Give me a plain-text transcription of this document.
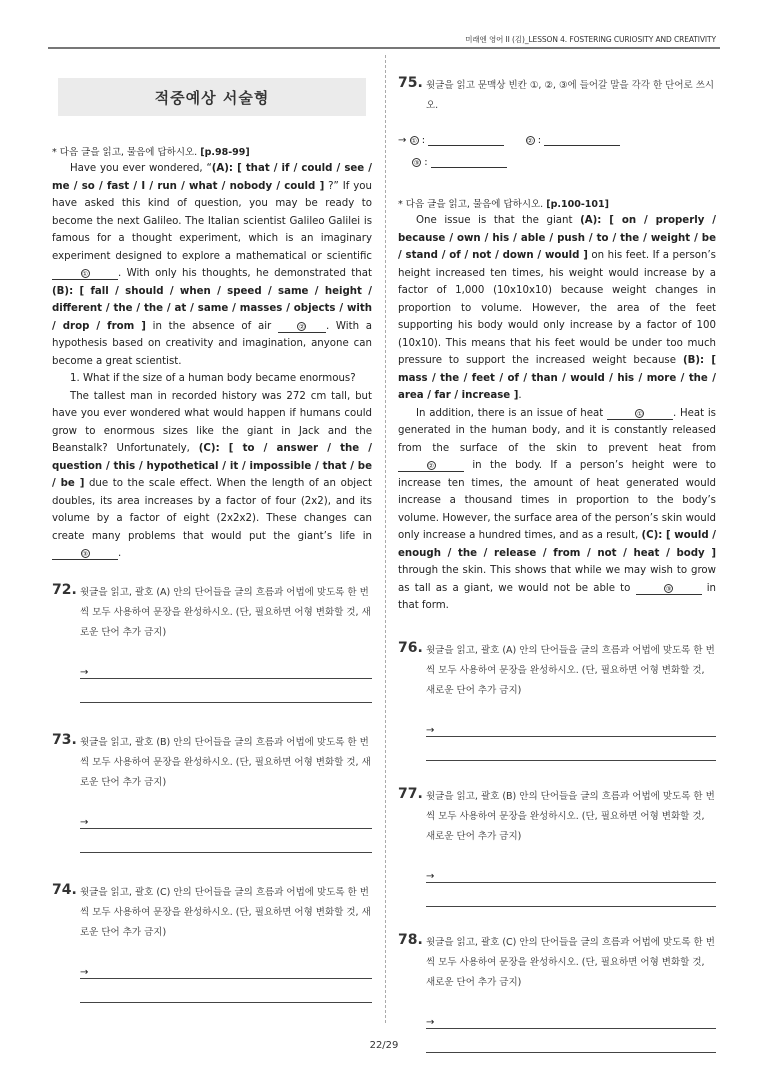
미래엔 영어 II (김)_LESSON 4. FOSTERING CURIOSITY AND CREATIVITY
적중예상 서술형
* 다음 글을 읽고, 물음에 답하시오. [p.98-99]
Have you ever wondered, “(A): [ that / if / could / see / me / so / fast / I / run / what / nobody / could ] ?” If you have asked this kind of question, you may be ready to become the next Galileo. The Italian scientist Galileo Galilei is famous for a thought experiment, which is an imaginary experiment designed to explore a mathematical or scientific ①	. With only his thoughts, he demonstrated that (B): [ fall / should / when / speed / same / height / different / the / the / at / same / masses / objects / with / drop / from ] in the absence of air	② . With a hypothesis based on creativity and imagination, anyone can become a great scientist.
1. What if the size of a human body became enormous?
The tallest man in recorded history was 272 cm tall, but have you ever wondered what would happen if humans could grow to enormous sizes like the giant in Jack and the Beanstalk? Unfortunately, (C): [ to / answer / the / question / this / hypothetical / it / impossible / that / be / be ] due to the scale effect. When the length of an object doubles, its area increases by a factor of four (2x2), and its volume by a factor of eight (2x2x2). These changes can create many problems that would put the giant’s life in ③	.
72. 윗글을 읽고, 괄호 (A) 안의 단어들을 글의 흐름과 어법에 맞도록 한 번씩 모두 사용하여 문장을 완성하시오. (단, 필요하면 어형 변화할 것, 새로운 단어 추가 금지)
→
73. 윗글을 읽고, 괄호 (B) 안의 단어들을 글의 흐름과 어법에 맞도록 한 번씩 모두 사용하여 문장을 완성하시오. (단, 필요하면 어형 변화할 것, 새로운 단어 추가 금지)
→
74. 윗글을 읽고, 괄호 (C) 안의 단어들을 글의 흐름과 어법에 맞도록 한 번씩 모두 사용하여 문장을 완성하시오. (단, 필요하면 어형 변화할 것, 새로운 단어 추가 금지)
→
75. 윗글을 읽고 문맥상 빈칸 ①, ②, ③에 들어갈 말을 각각 한 단어로 쓰시오.
→ ① :	② :
③ :
* 다음 글을 읽고, 물음에 답하시오. [p.100-101]
One issue is that the giant (A): [ on / properly / because / own / his / able / push / to / the / weight / be / stand / of / not / down / would ] on his feet. If a person’s height increased ten times, his weight would increase by a factor of 1,000 (10x10x10) because weight changes in proportion to volume. However, the area of the feet supporting his body would only increase by a factor of 100 (10x10). This means that his feet would be under too much pressure to support the increased weight because (B): [ mass / the / feet / of / than / would / his / more / the / area / far / increase ].
In addition, there is an issue of heat	①	. Heat is generated in the human body, and it is constantly released from the surface of the skin to prevent heat from ②	in the body. If a person’s height were to increase ten times, the amount of heat generated would increase a thousand times in proportion to the body’s volume. However, the surface area of the person’s skin would only increase a hundred times, and as a result, (C): [ would / enough / the / release / from / not / heat / body ] through the skin. This shows that while we may wish to grow as tall as a giant, we would not be able to	③	in that form.
76. 윗글을 읽고, 괄호 (A) 안의 단어들을 글의 흐름과 어법에 맞도록 한 번씩 모두 사용하여 문장을 완성하시오. (단, 필요하면 어형 변화할 것, 새로운 단어 추가 금지)
→
77. 윗글을 읽고, 괄호 (B) 안의 단어들을 글의 흐름과 어법에 맞도록 한 번씩 모두 사용하여 문장을 완성하시오. (단, 필요하면 어형 변화할 것, 새로운 단어 추가 금지)
→
78. 윗글을 읽고, 괄호 (C) 안의 단어들을 글의 흐름과 어법에 맞도록 한 번씩 모두 사용하여 문장을 완성하시오. (단, 필요하면 어형 변화할 것, 새로운 단어 추가 금지)
→
22/29
